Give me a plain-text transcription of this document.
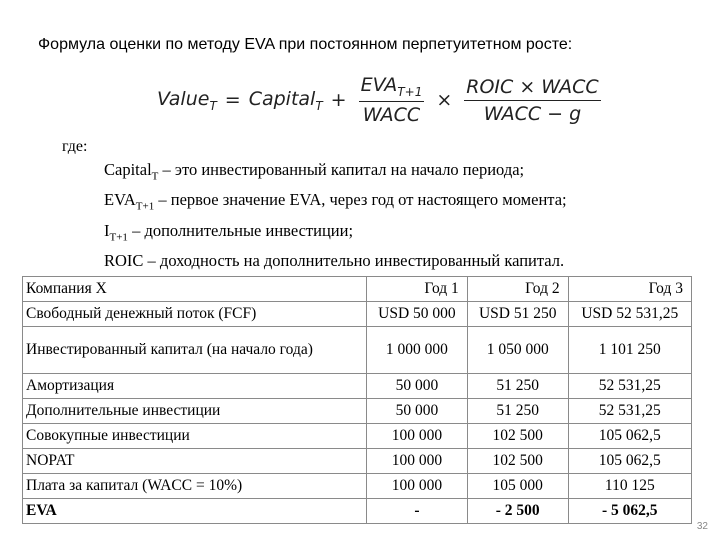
Формула оценки по методу EVA при постоянном перпетуитетном росте:
Value$_T$ = Capital$_T$ + $\frac{EVA_{T+1}}{\text{WACC}} \times \frac{\text{ROIC × WACC}}{\text{WACC − g}}$
где:
Capital$_T$ – это инвестированный капитал на начало периода;
$EVA_{T+1}$ – первое значение EVA, через год от настоящего момента;
$I_{T+1}$ – дополнительные инвестиции;
ROIC – доходность на дополнительно инвестированный капитал.
Компания X	Год 1	Год 2	Год 3
Свободный денежный поток (FCF)	USD 50 000	USD 51 250	USD 52 531,25
Инвестированный капитал (на начало года)	1 000 000	1 050 000	1 101 250
Амортизация	50 000	51 250	52 531,25
Дополнительные инвестиции	50 000	51 250	52 531,25
Совокупные инвестиции	100 000	102 500	105 062,5
NOPAT	100 000	102 500	105 062,5
Плата за капитал (WACC = 10%)	100 000	105 000	110 125
EVA	-	- 2 500	- 5 062,5
32
